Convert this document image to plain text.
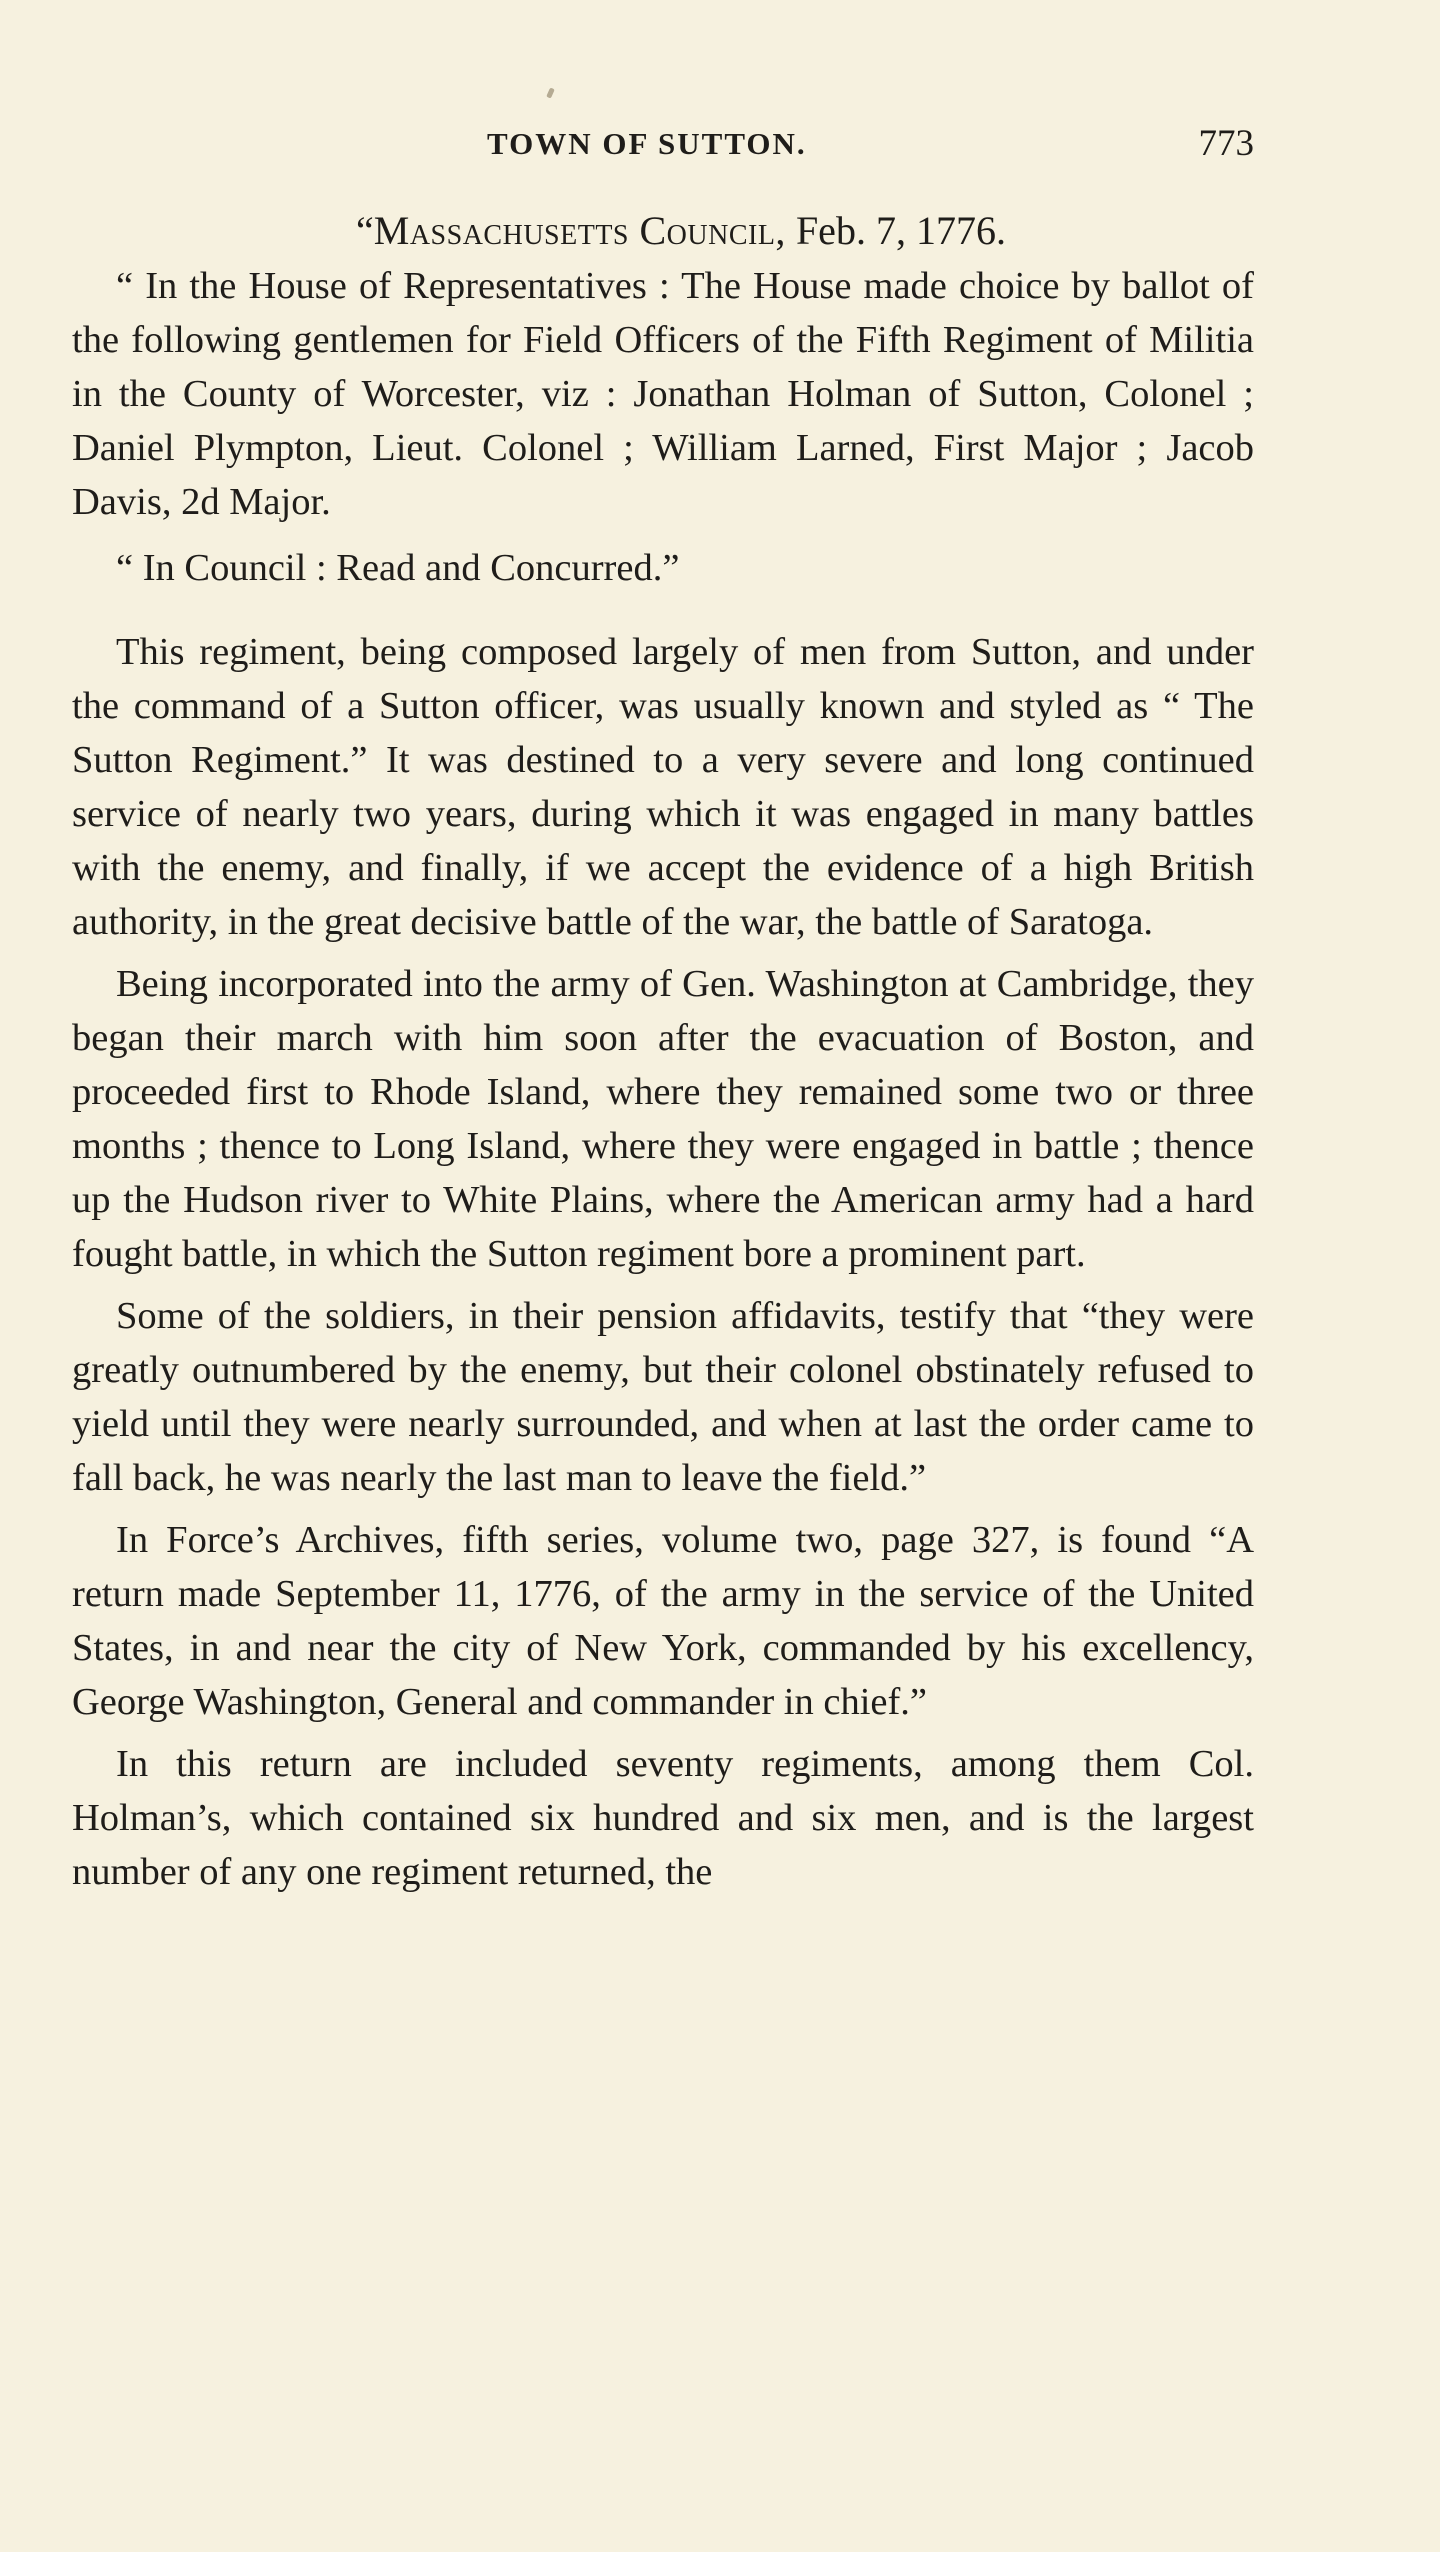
TOWN OF SUTTON.	773
“Massachusetts Council, Feb. 7, 1776.

“ In the House of Representatives : The House made choice by ballot of the following gentlemen for Field Officers of the Fifth Regiment of Militia in the County of Worcester, viz : Jonathan Holman of Sutton, Colonel ; Daniel Plympton, Lieut. Colonel ; William Larned, First Major ; Jacob Davis, 2d Major.

“ In Council : Read and Concurred.”

This regiment, being composed largely of men from Sutton, and under the command of a Sutton officer, was usually known and styled as “ The Sutton Regiment.” It was destined to a very severe and long continued service of nearly two years, during which it was engaged in many battles with the enemy, and finally, if we accept the evidence of a high British authority, in the great decisive battle of the war, the battle of Saratoga.

Being incorporated into the army of Gen. Washington at Cambridge, they began their march with him soon after the evacuation of Boston, and proceeded first to Rhode Island, where they remained some two or three months ; thence to Long Island, where they were engaged in battle ; thence up the Hudson river to White Plains, where the American army had a hard fought battle, in which the Sutton regiment bore a prominent part.

Some of the soldiers, in their pension affidavits, testify that “they were greatly outnumbered by the enemy, but their colonel obstinately refused to yield until they were nearly surrounded, and when at last the order came to fall back, he was nearly the last man to leave the field.”

In Force’s Archives, fifth series, volume two, page 327, is found “A return made September 11, 1776, of the army in the service of the United States, in and near the city of New York, commanded by his excellency, George Washington, General and commander in chief.”

In this return are included seventy regiments, among them Col. Holman’s, which contained six hundred and six men, and is the largest number of any one regiment returned, the
